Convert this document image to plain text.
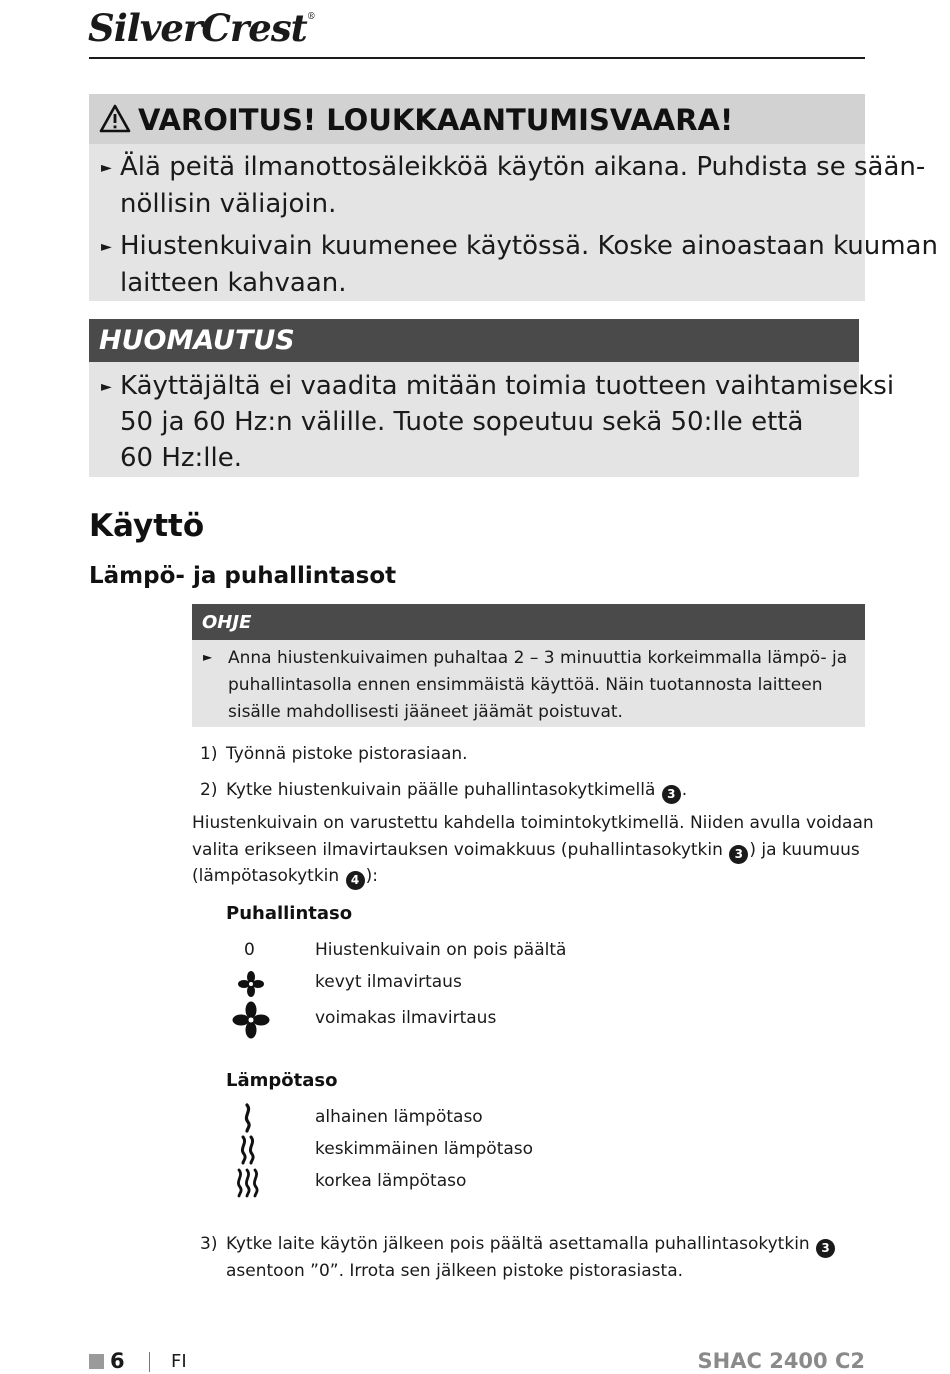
SilverCrest®
VAROITUS! LOUKKAANTUMISVAARA!
► Älä peitä ilmanottosäleikköä käytön aikana. Puhdista se sään-
nöllisin väliajoin.
► Hiustenkuivain kuumenee käytössä. Koske ainoastaan kuuman
laitteen kahvaan.
HUOMAUTUS
► Käyttäjältä ei vaadita mitään toimia tuotteen vaihtamiseksi
50 ja 60 Hz:n välille. Tuote sopeutuu sekä 50:lle että
60 Hz:lle.
Käyttö
Lämpö- ja puhallintasot
OHJE
► Anna hiustenkuivaimen puhaltaa 2 – 3 minuuttia korkeimmalla lämpö- ja
puhallintasolla ennen ensimmäistä käyttöä. Näin tuotannosta laitteen
sisälle mahdollisesti jääneet jäämät poistuvat.
1) Työnnä pistoke pistorasiaan.
2) Kytke hiustenkuivain päälle puhallintasokytkimellä 3 .
Hiustenkuivain on varustettu kahdella toimintokytkimellä. Niiden avulla voidaan
valita erikseen ilmavirtauksen voimakkuus (puhallintasokytkin 3 ) ja kuumuus
(lämpötasokytkin 4 ):
Puhallintaso
0	Hiustenkuivain on pois päältä
kevyt ilmavirtaus
voimakas ilmavirtaus
Lämpötaso
alhainen lämpötaso
keskimmäinen lämpötaso
korkea lämpötaso
3) Kytke laite käytön jälkeen pois päältä asettamalla puhallintasokytkin 3
asentoon ”0”. Irrota sen jälkeen pistoke pistorasiasta.
6	FI	SHAC 2400 C2
